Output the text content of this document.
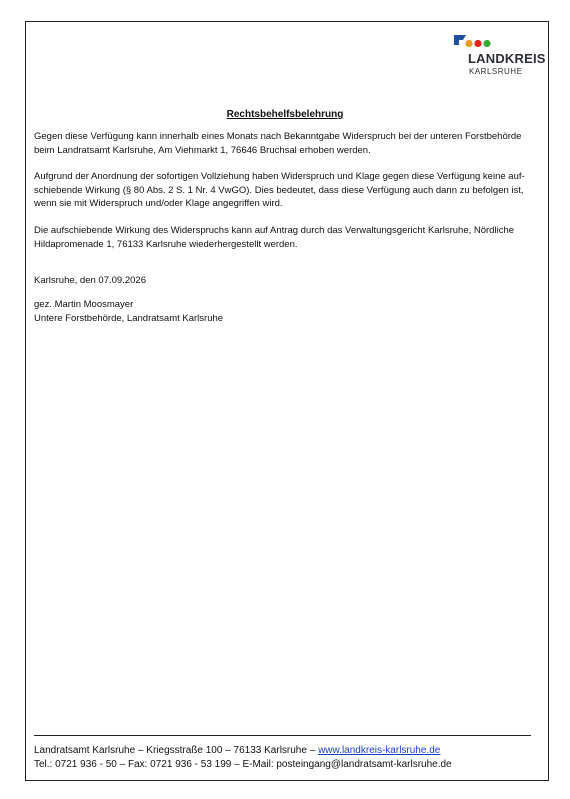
LANDKREIS
KARLSRUHE
Rechtsbehelfsbelehrung

Gegen diese Verfügung kann innerhalb eines Monats nach Bekanntgabe Widerspruch bei der unteren Forstbehörde
beim Landratsamt Karlsruhe, Am Viehmarkt 1, 76646 Bruchsal erhoben werden.

Aufgrund der Anordnung der sofortigen Vollziehung haben Widerspruch und Klage gegen diese Verfügung keine auf-
schiebende Wirkung (§ 80 Abs. 2 S. 1 Nr. 4 VwGO). Dies bedeutet, dass diese Verfügung auch dann zu befolgen ist,
wenn sie mit Widerspruch und/oder Klage angegriffen wird.

Die aufschiebende Wirkung des Widerspruchs kann auf Antrag durch das Verwaltungsgericht Karlsruhe, Nördliche
Hildapromenade 1, 76133 Karlsruhe wiederhergestellt werden.

Karlsruhe, den 07.09.2026

gez. Martin Moosmayer
Untere Forstbehörde, Landratsamt Karlsruhe

Landratsamt Karlsruhe – Kriegsstraße 100 – 76133 Karlsruhe – www.landkreis-karlsruhe.de
Tel.: 0721 936 - 50 – Fax: 0721 936 - 53 199 – E-Mail: posteingang@landratsamt-karlsruhe.de
